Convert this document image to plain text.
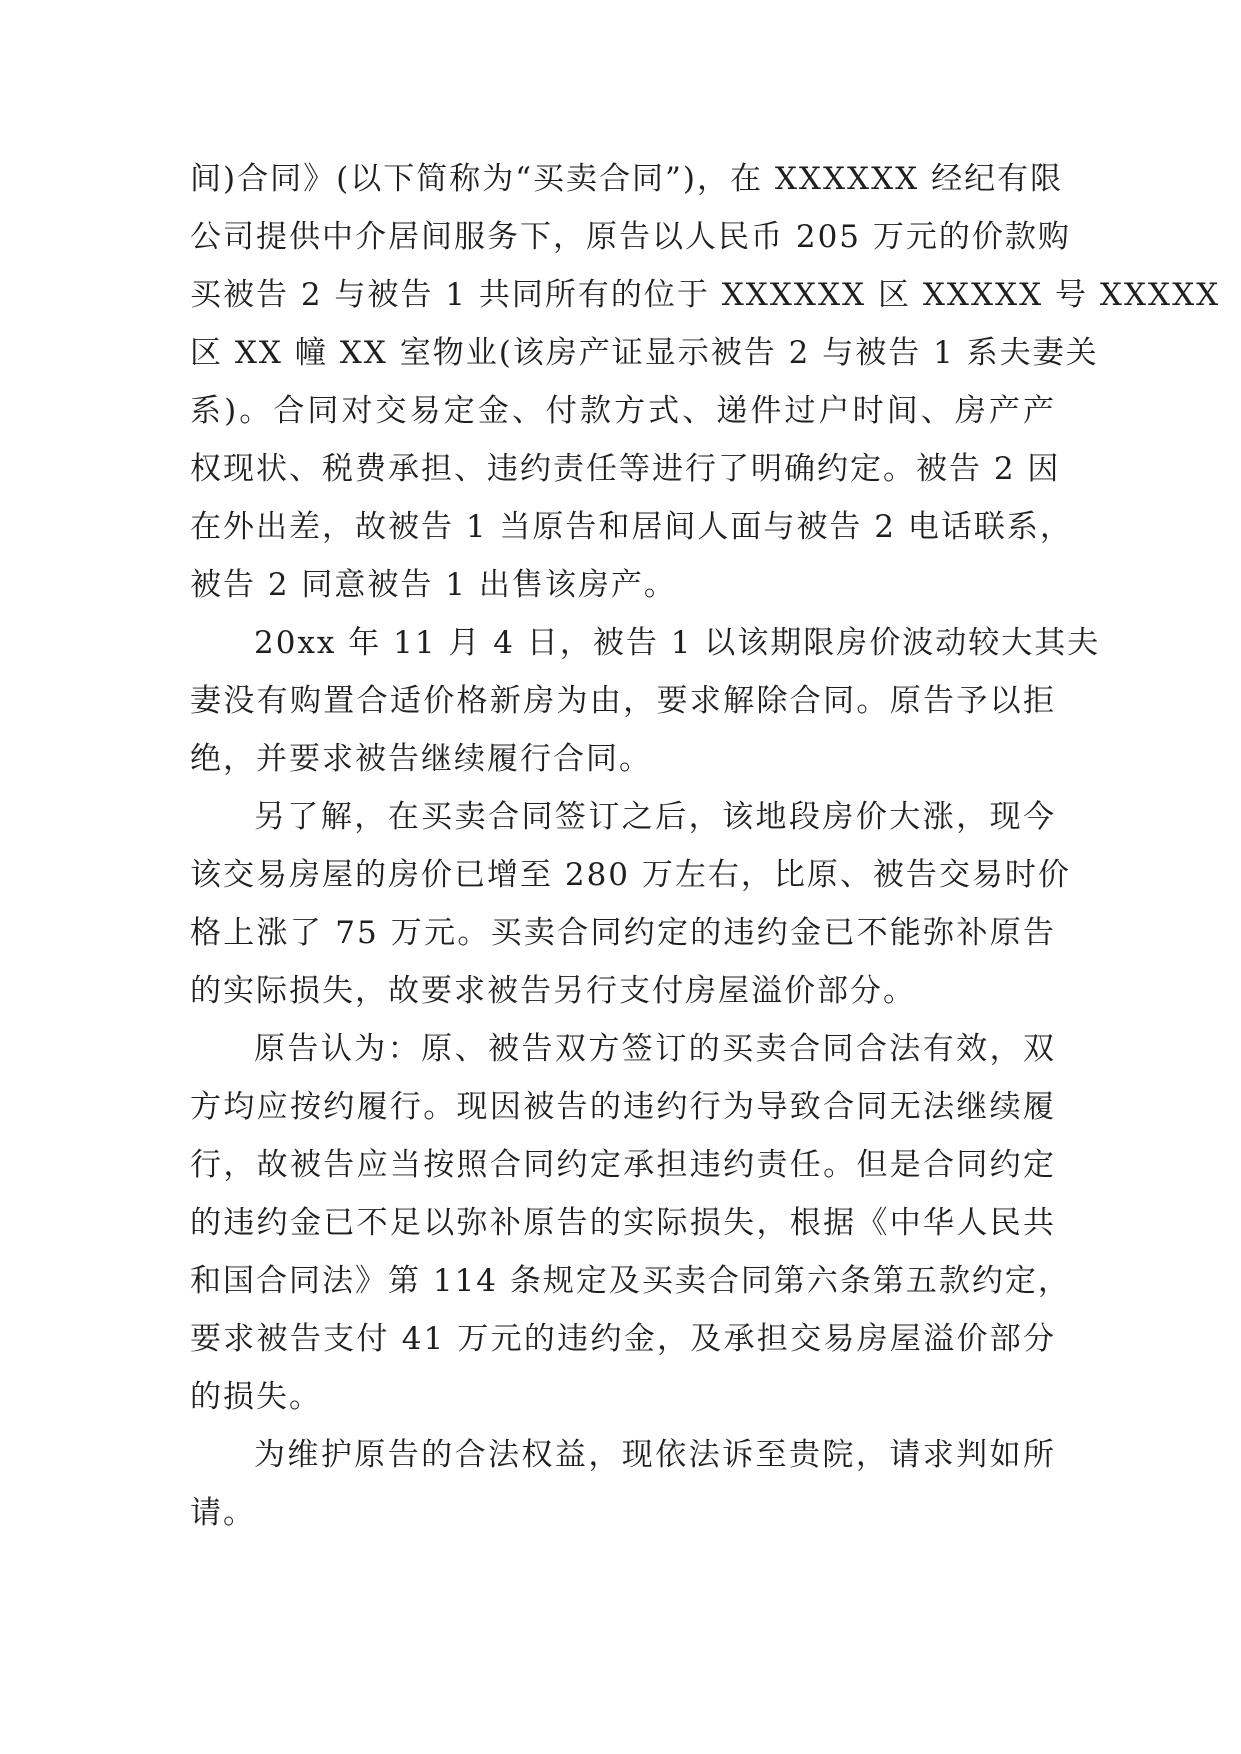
间)合同》(以下简称为“买卖合同”)，在 XXXXXX 经纪有限
公司提供中介居间服务下，原告以人民币 205 万元的价款购
买被告 2 与被告 1 共同所有的位于 XXXXXX 区 XXXXX 号 XXXXX
区 XX 幢 XX 室物业(该房产证显示被告 2 与被告 1 系夫妻关
系)。合同对交易定金、付款方式、递件过户时间、房产产
权现状、税费承担、违约责任等进行了明确约定。被告 2 因
在外出差，故被告 1 当原告和居间人面与被告 2 电话联系，
被告 2 同意被告 1 出售该房产。
20xx 年 11 月 4 日，被告 1 以该期限房价波动较大其夫
妻没有购置合适价格新房为由，要求解除合同。原告予以拒
绝，并要求被告继续履行合同。
另了解，在买卖合同签订之后，该地段房价大涨，现今
该交易房屋的房价已增至 280 万左右，比原、被告交易时价
格上涨了 75 万元。买卖合同约定的违约金已不能弥补原告
的实际损失，故要求被告另行支付房屋溢价部分。
原告认为：原、被告双方签订的买卖合同合法有效，双
方均应按约履行。现因被告的违约行为导致合同无法继续履
行，故被告应当按照合同约定承担违约责任。但是合同约定
的违约金已不足以弥补原告的实际损失，根据《中华人民共
和国合同法》第 114 条规定及买卖合同第六条第五款约定，
要求被告支付 41 万元的违约金，及承担交易房屋溢价部分
的损失。
为维护原告的合法权益，现依法诉至贵院，请求判如所
请。
